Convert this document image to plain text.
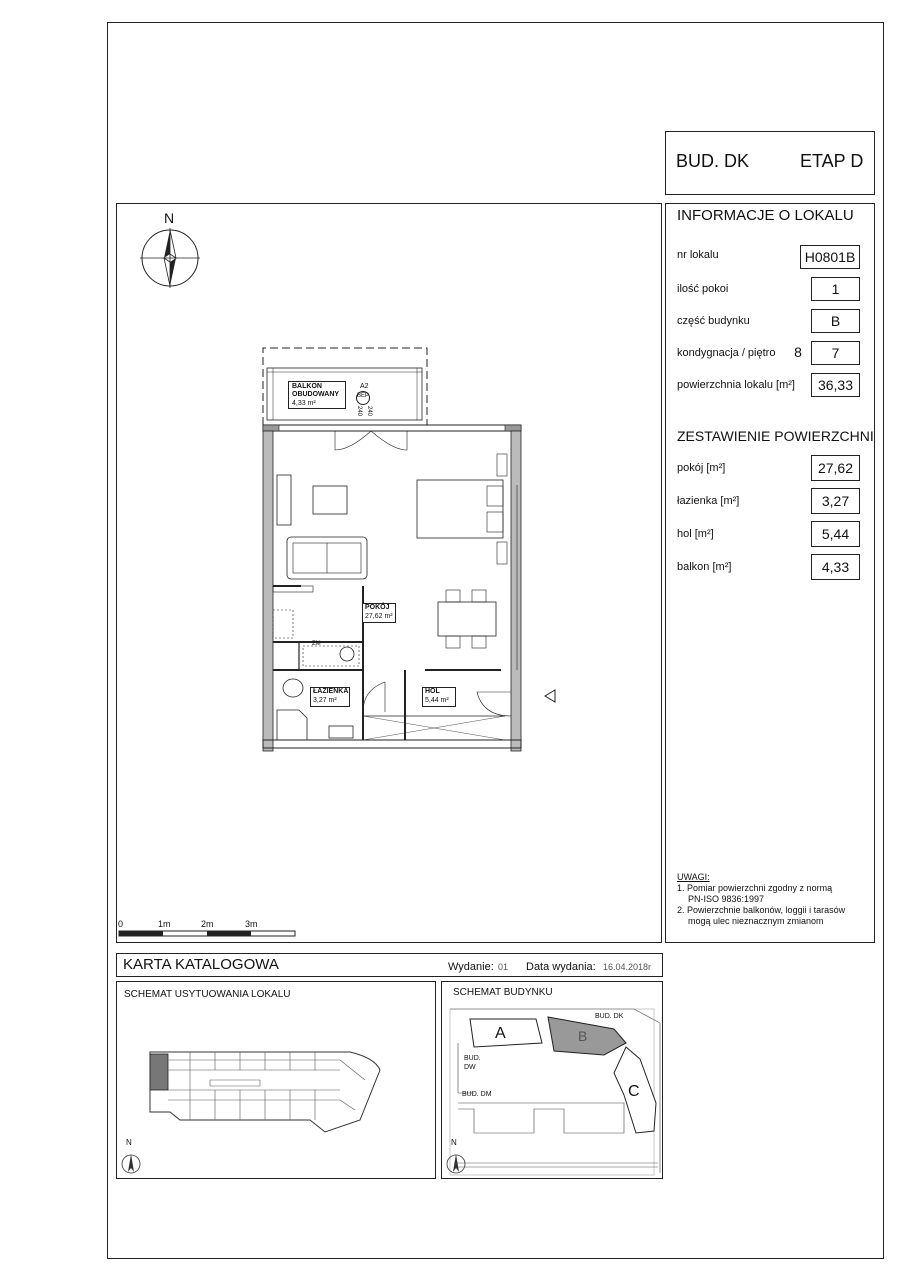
BUD. DK	ETAP D
INFORMACJE O LOKALU
nr lokalu	H0801B
ilość pokoi	1
część budynku	B
kondygnacja / piętro	8	7
powierzchnia lokalu [m²]	36,33
ZESTAWIENIE POWIERZCHNI
pokój [m²]	27,62
łazienka [m²]	3,27
hol [m²]	5,44
balkon [m²]	4,33
UWAGI:
1. Pomiar powierzchni zgodny z normą
PN-ISO 9836:1997
2. Powierzchnie balkonów, loggii i tarasów
mogą ulec nieznacznym zmianom
N
BALKON
OBUDOWANY
4,33 m²
A2
BEP
240
240
POKÓJ
27,62 m²
ZM
ŁAZIENKA
3,27 m²
HOL
5,44 m²
0	1m	2m	3m
KARTA KATALOGOWA	Wydanie: 01 Data wydania: 16.04.2018r
SCHEMAT USYTUOWANIA LOKALU
N
SCHEMAT BUDYNKU
A	B
C
BUD. DK
BUD.
DW
BUD. DM
N
